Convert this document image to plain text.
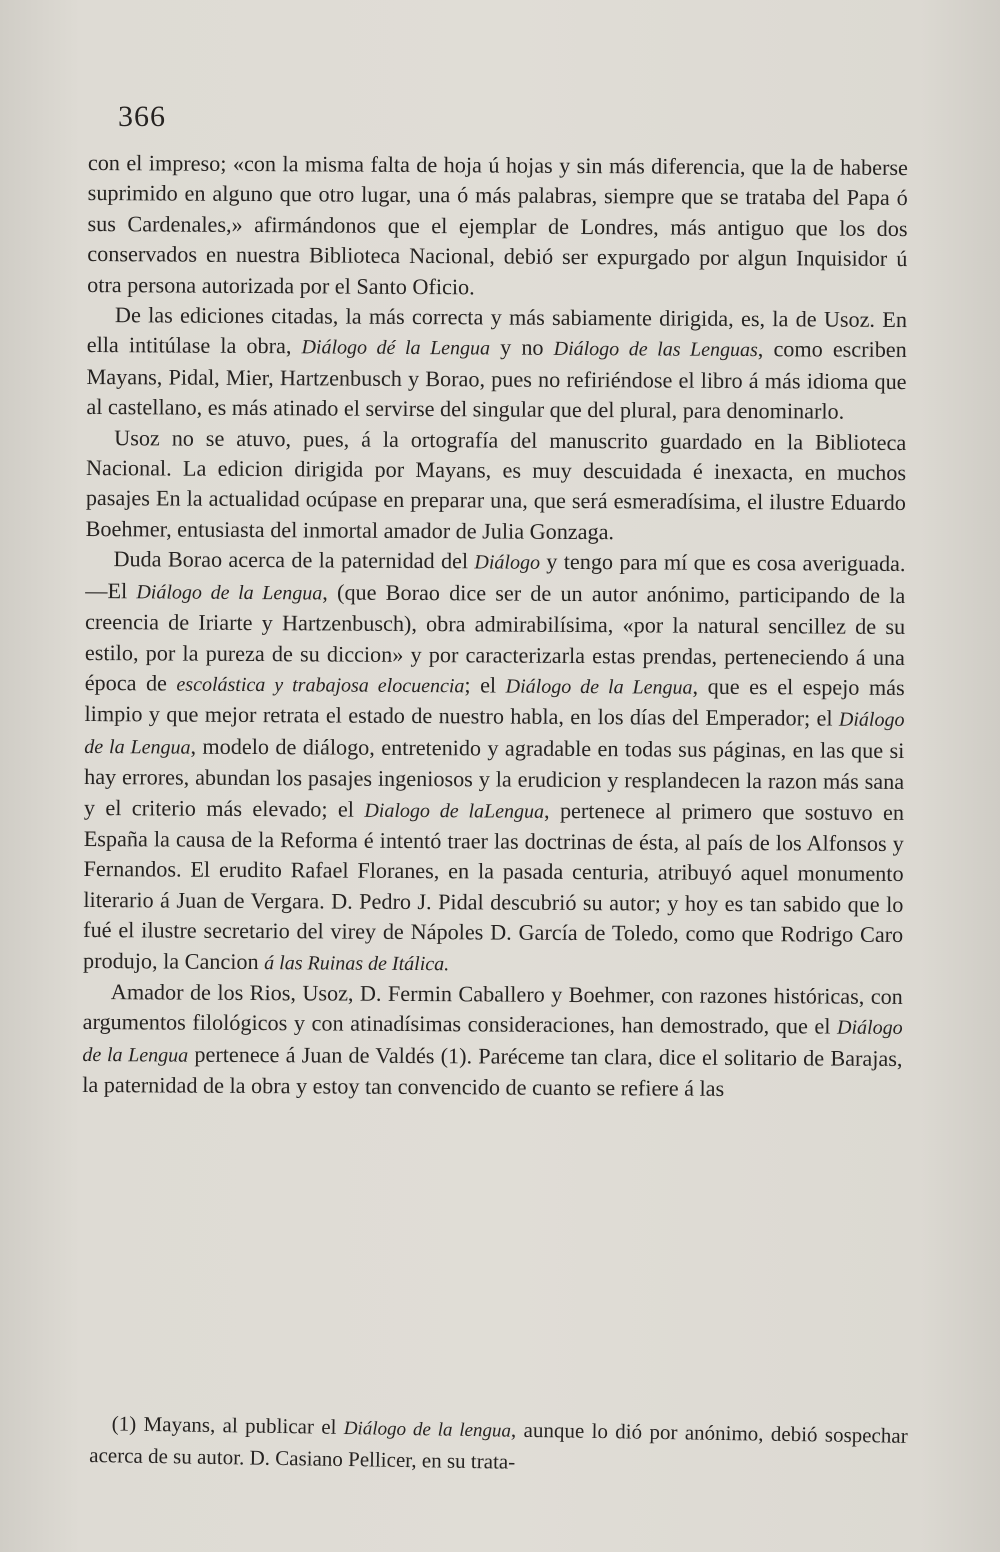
366

con el impreso; «con la misma falta de hoja ú hojas y sin más diferencia, que la de haberse suprimido en alguno que otro lugar, una ó más palabras, siempre que se trataba del Papa ó sus Cardenales,» afirmándonos que el ejemplar de Londres, más antiguo que los dos conservados en nuestra Biblioteca Nacional, debió ser expurgado por algun Inquisidor ú otra persona autorizada por el Santo Oficio.

De las ediciones citadas, la más correcta y más sabiamente dirigida, es, la de Usoz. En ella intitúlase la obra, Diálogo dé la Lengua y no Diálogo de las Lenguas, como escriben Mayans, Pidal, Mier, Hartzenbusch y Borao, pues no refiriéndose el libro á más idioma que al castellano, es más atinado el servirse del singular que del plural, para denominarlo.

Usoz no se atuvo, pues, á la ortografía del manuscrito guardado en la Biblioteca Nacional. La edicion dirigida por Mayans, es muy descuidada é inexacta, en muchos pasajes En la actualidad ocúpase en preparar una, que será esmeradísima, el ilustre Eduardo Boehmer, entusiasta del inmortal amador de Julia Gonzaga.

Duda Borao acerca de la paternidad del Diálogo y tengo para mí que es cosa averiguada.—El Diálogo de la Lengua, (que Borao dice ser de un autor anónimo, participando de la creencia de Iriarte y Hartzenbusch), obra admirabilísima, «por la natural sencillez de su estilo, por la pureza de su diccion» y por caracterizarla estas prendas, perteneciendo á una época de escolástica y trabajosa elocuencia; el Diálogo de la Lengua, que es el espejo más limpio y que mejor retrata el estado de nuestro habla, en los días del Emperador; el Diálogo de la Lengua, modelo de diálogo, entretenido y agradable en todas sus páginas, en las que si hay errores, abundan los pasajes ingeniosos y la erudicion y resplandecen la razon más sana y el criterio más elevado; el Dialogo de laLengua, pertenece al primero que sostuvo en España la causa de la Reforma é intentó traer las doctrinas de ésta, al país de los Alfonsos y Fernandos. El erudito Rafael Floranes, en la pasada centuria, atribuyó aquel monumento literario á Juan de Vergara. D. Pedro J. Pidal descubrió su autor; y hoy es tan sabido que lo fué el ilustre secretario del virey de Nápoles D. García de Toledo, como que Rodrigo Caro produjo, la Cancion á las Ruinas de Itálica.

Amador de los Rios, Usoz, D. Fermin Caballero y Boehmer, con razones históricas, con argumentos filológicos y con atinadísimas consideraciones, han demostrado, que el Diálogo de la Lengua pertenece á Juan de Valdés (1). Paréceme tan clara, dice el solitario de Barajas, la paternidad de la obra y estoy tan convencido de cuanto se refiere á las

(1) Mayans, al publicar el Diálogo de la lengua, aunque lo dió por anónimo, debió sospechar acerca de su autor. D. Casiano Pellicer, en su trata-
